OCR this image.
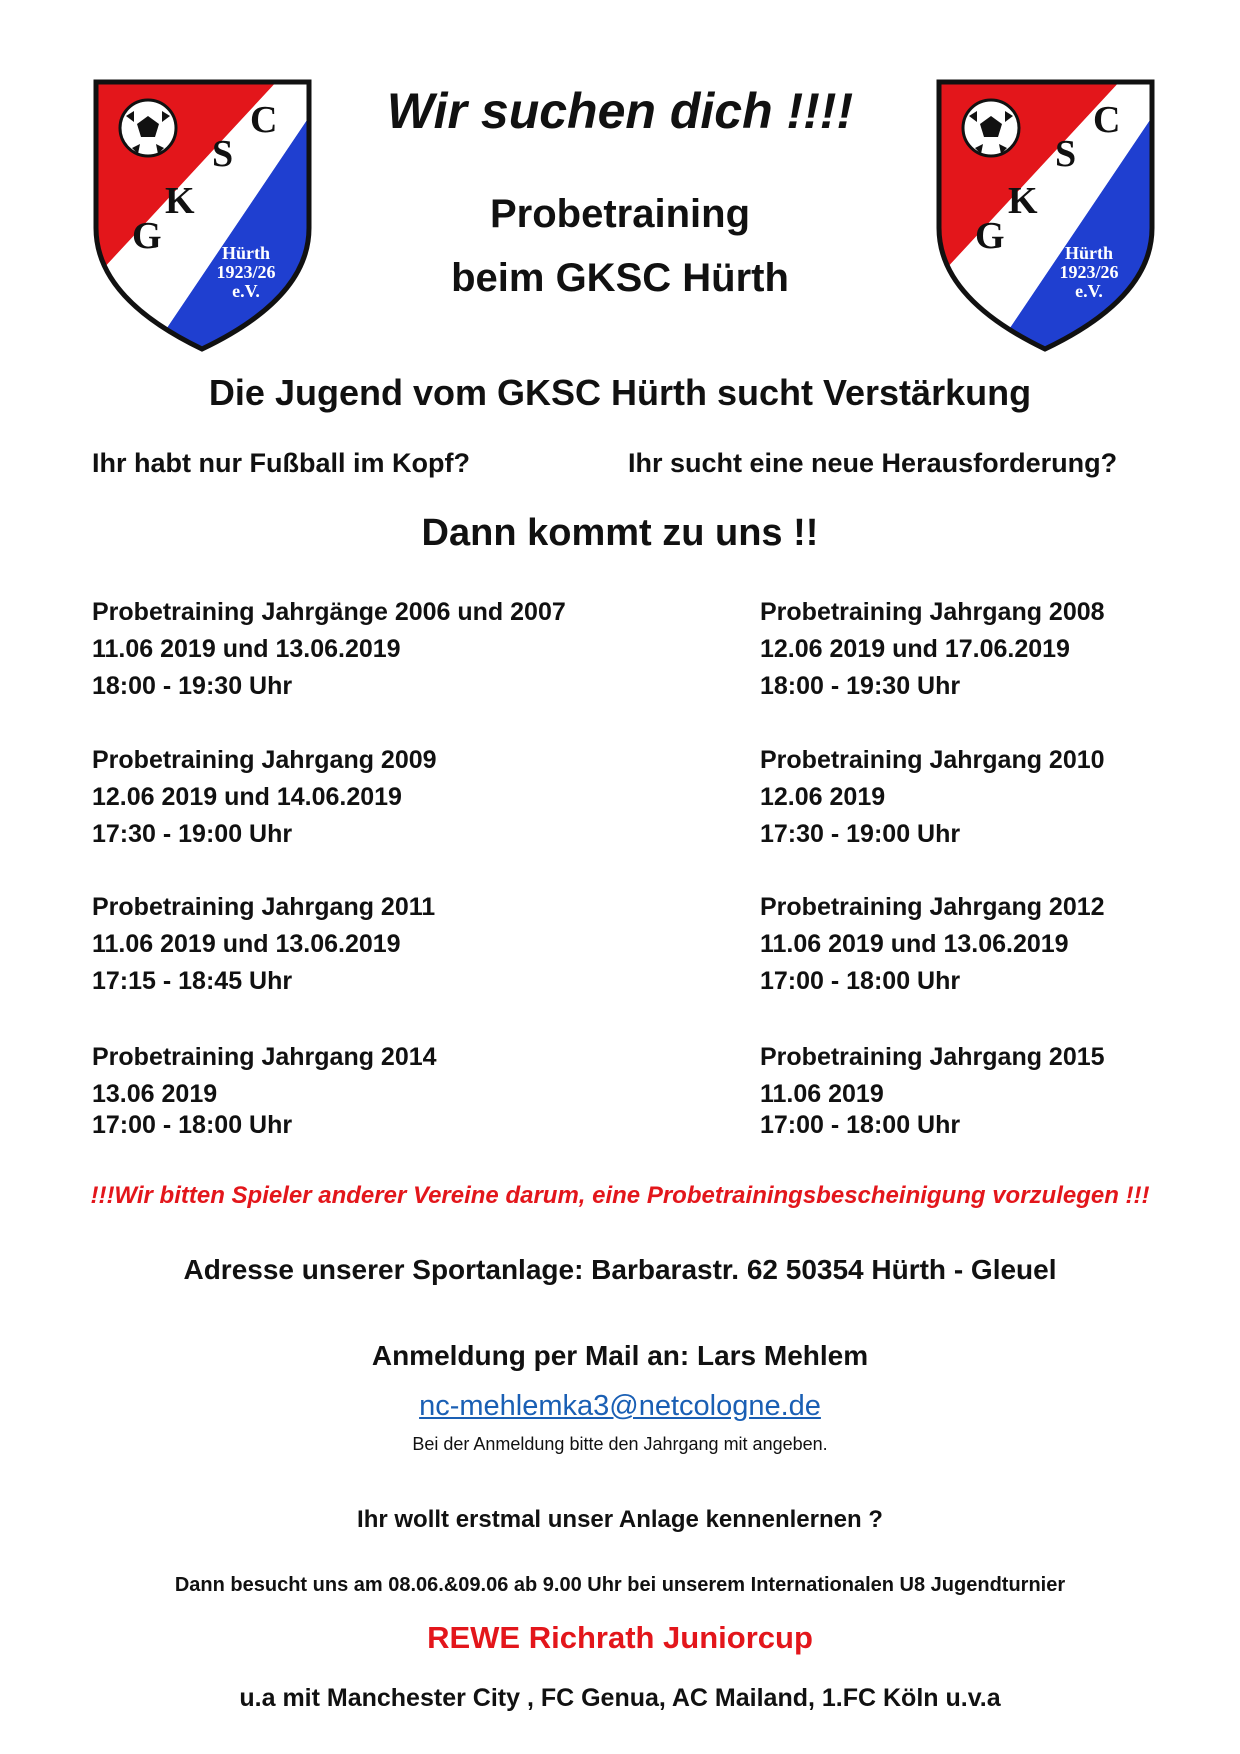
G
K
S
C
Hürth
1923/26
e.V.
G
K
S
C
Hürth
1923/26
e.V.
Wir suchen dich !!!!
Probetraining
beim GKSC Hürth
Die Jugend vom GKSC Hürth sucht Verstärkung
Ihr habt nur Fußball im Kopf?	Ihr sucht eine neue Herausforderung?
Dann kommt zu uns !!
Probetraining Jahrgänge 2006 und 2007
11.06 2019 und 13.06.2019
18:00 - 19:30 Uhr
Probetraining Jahrgang 2008
12.06 2019 und 17.06.2019
18:00 - 19:30 Uhr
Probetraining Jahrgang 2009
12.06 2019 und 14.06.2019
17:30 - 19:00 Uhr
Probetraining Jahrgang 2010
12.06 2019
17:30 - 19:00 Uhr
Probetraining Jahrgang 2011
11.06 2019 und 13.06.2019
17:15 - 18:45 Uhr
Probetraining Jahrgang 2012
11.06 2019 und 13.06.2019
17:00 - 18:00 Uhr
Probetraining Jahrgang 2014
13.06 2019
17:00 - 18:00 Uhr
Probetraining Jahrgang 2015
11.06 2019
17:00 - 18:00 Uhr
!!!Wir bitten Spieler anderer Vereine darum, eine Probetrainingsbescheinigung vorzulegen !!!
Adresse unserer Sportanlage: Barbarastr. 62 50354 Hürth - Gleuel
Anmeldung per Mail an: Lars Mehlem
nc-mehlemka3@netcologne.de
Bei der Anmeldung bitte den Jahrgang mit angeben.
Ihr wollt erstmal unser Anlage kennenlernen ?
Dann besucht uns am 08.06.&09.06 ab 9.00 Uhr bei unserem Internationalen U8 Jugendturnier
REWE Richrath Juniorcup
u.a mit Manchester City , FC Genua, AC Mailand, 1.FC Köln u.v.a
